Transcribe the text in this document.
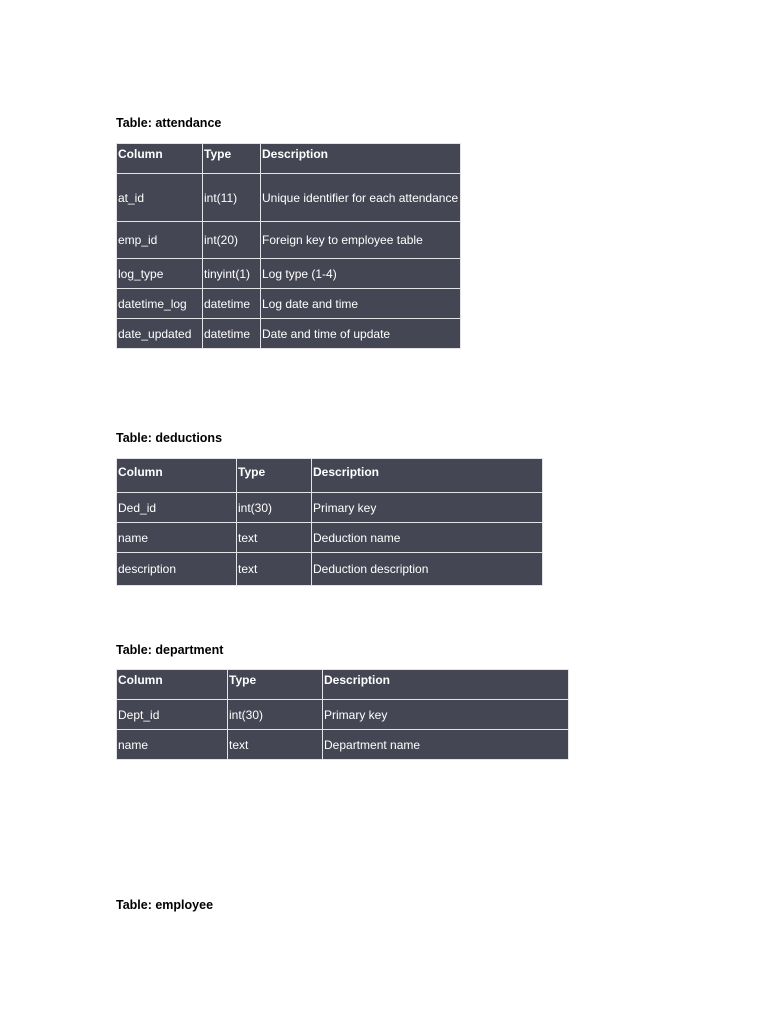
Table: attendance

Column	Type	Description
at_id	int(11)	Unique identifier for each attendance
emp_id	int(20)	Foreign key to employee table
log_type	tinyint(1)	Log type (1-4)
datetime_log	datetime	Log date and time
date_updated	datetime	Date and time of update

Table: deductions

Column	Type	Description
Ded_id	int(30)	Primary key
name	text	Deduction name
description	text	Deduction description

Table: department

Column	Type	Description
Dept_id	int(30)	Primary key
name	text	Department name

Table: employee
